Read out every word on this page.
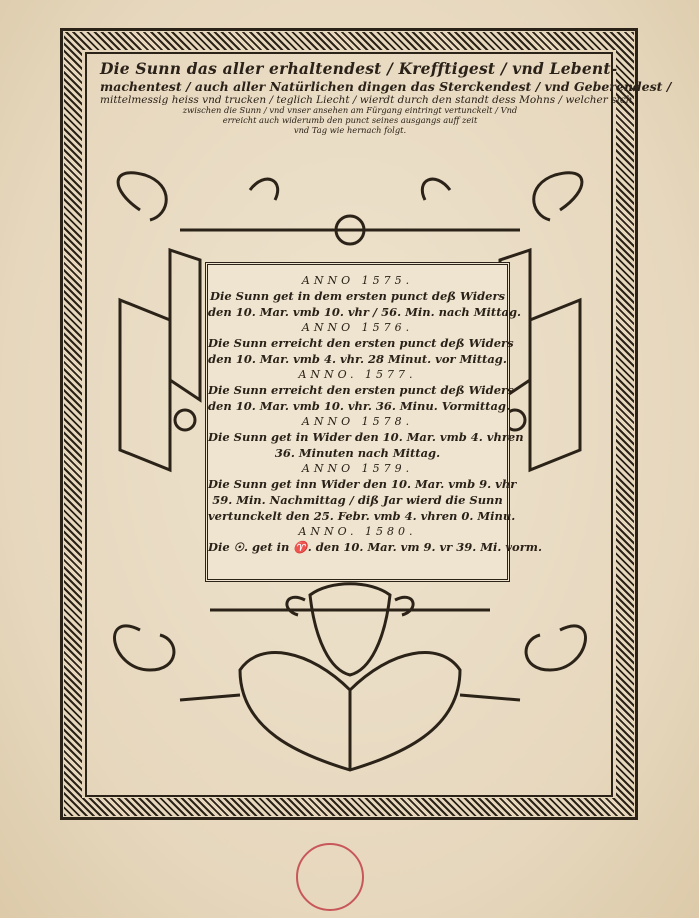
Die Sunn das aller erhaltendest / Krefftigest / vnd Lebent-
machentest / auch aller Natürlichen dingen das Sterckendest / vnd Geberendest /
mittelmessig heiss vnd trucken / teglich Liecht / wierdt durch den standt dess Mohns / welcher sich
zwischen die Sunn / vnd vnser ansehen am Fürgang eintringt vertunckelt / Vnd
erreicht auch widerumb den punct seines ausgangs auff zeit
vnd Tag wie hernach folgt.
ANNO 1575.
Die Sunn get in dem ersten punct deß Widers
den 10. Mar. vmb 10. vhr / 56. Min. nach Mittag.
ANNO 1576.
Die Sunn erreicht den ersten punct deß Widers
den 10. Mar. vmb 4. vhr. 28 Minut. vor Mittag.
ANNO. 1577.
Die Sunn erreicht den ersten punct deß Widers
den 10. Mar. vmb 10. vhr. 36. Minu. Vormittag.
ANNO 1578.
Die Sunn get in Wider den 10. Mar. vmb 4. vhren
36. Minuten nach Mittag.
ANNO 1579.
Die Sunn get inn Wider den 10. Mar. vmb 9. vhr
59. Min. Nachmittag / diß Jar wierd die Sunn
vertunckelt den 25. Febr. vmb 4. vhren 0. Minu.
ANNO. 1580.
Die ☉. get in ♈. den 10. Mar. vm 9. vr 39. Mi. vorm.
